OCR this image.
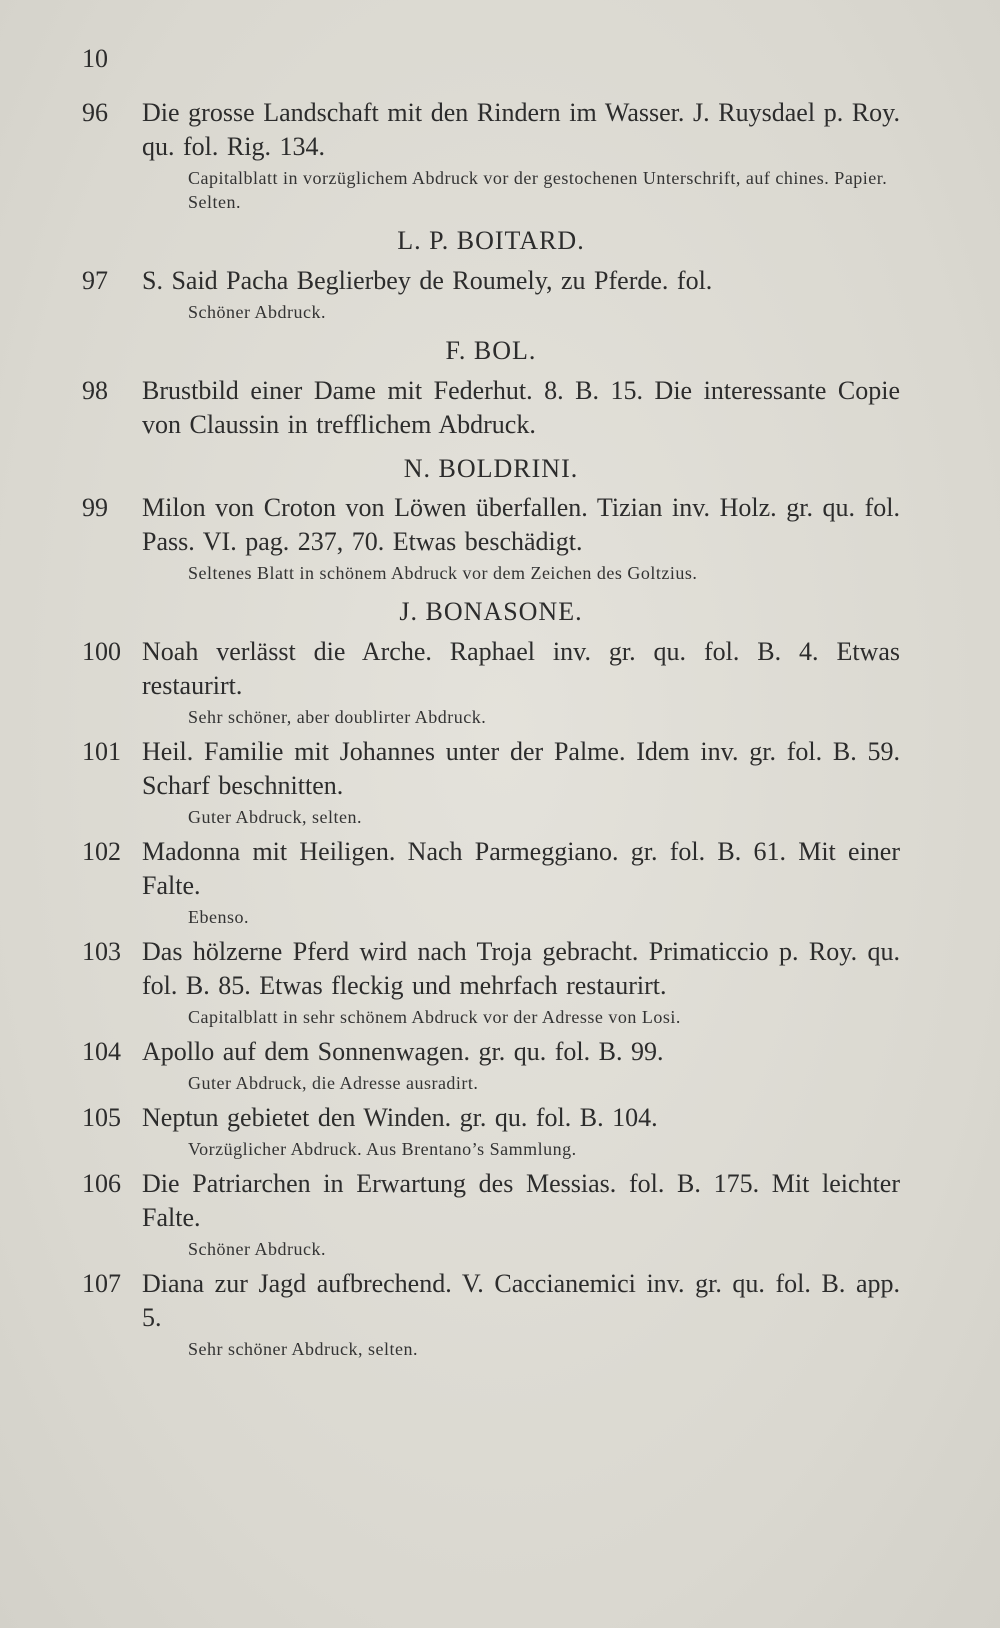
10
96	Die grosse Landschaft mit den Rindern im Wasser. J. Ruysdael p. Roy. qu. fol. Rig. 134.
Capitalblatt in vorzüglichem Abdruck vor der gestochenen Unterschrift, auf chines. Papier. Selten.
L. P. BOITARD.
97	S. Said Pacha Beglierbey de Roumely, zu Pferde. fol.
Schöner Abdruck.
F. BOL.
98	Brustbild einer Dame mit Federhut. 8. B. 15. Die interessante Copie von Claussin in trefflichem Abdruck.
N. BOLDRINI.
99	Milon von Croton von Löwen überfallen. Tizian inv. Holz. gr. qu. fol. Pass. VI. pag. 237, 70. Etwas beschädigt.
Seltenes Blatt in schönem Abdruck vor dem Zeichen des Goltzius.
J. BONASONE.
100 Noah verlässt die Arche. Raphael inv. gr. qu. fol. B. 4. Etwas restaurirt.
Sehr schöner, aber doublirter Abdruck.
101 Heil. Familie mit Johannes unter der Palme. Idem inv. gr. fol. B. 59. Scharf beschnitten.
Guter Abdruck, selten.
102 Madonna mit Heiligen. Nach Parmeggiano. gr. fol. B. 61. Mit einer Falte.
Ebenso.
103 Das hölzerne Pferd wird nach Troja gebracht. Primaticcio p. Roy. qu. fol. B. 85. Etwas fleckig und mehrfach restaurirt.
Capitalblatt in sehr schönem Abdruck vor der Adresse von Losi.
104 Apollo auf dem Sonnenwagen. gr. qu. fol. B. 99.
Guter Abdruck, die Adresse ausradirt.
105 Neptun gebietet den Winden. gr. qu. fol. B. 104.
Vorzüglicher Abdruck. Aus Brentano’s Sammlung.
106 Die Patriarchen in Erwartung des Messias. fol. B. 175. Mit leichter Falte.
Schöner Abdruck.
107 Diana zur Jagd aufbrechend. V. Caccianemici inv. gr. qu. fol. B. app. 5.
Sehr schöner Abdruck, selten.
